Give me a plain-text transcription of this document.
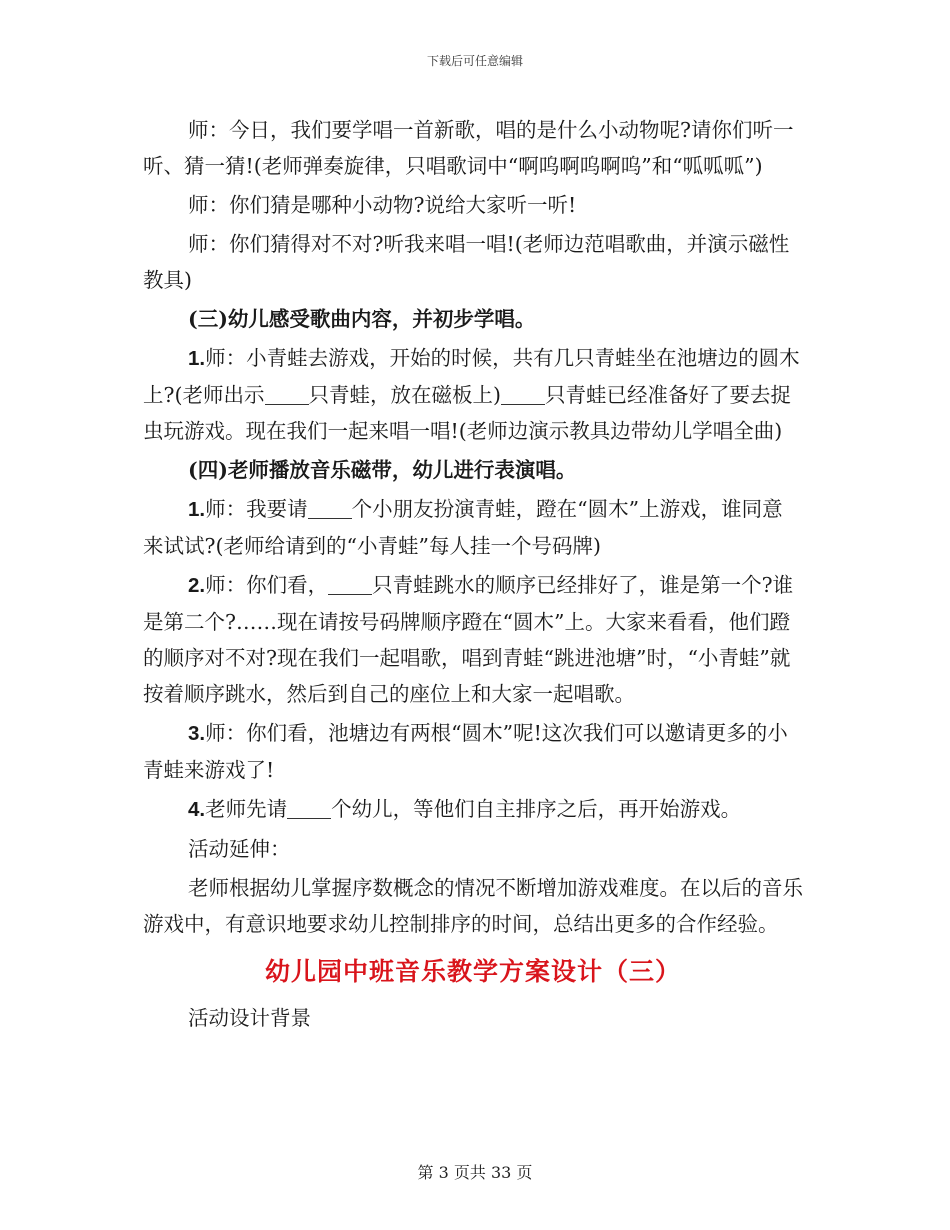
下载后可任意编辑

师：今日，我们要学唱一首新歌，唱的是什么小动物呢?请你们听一听、猜一猜!(老师弹奏旋律，只唱歌词中“啊呜啊呜啊呜”和“呱呱呱”)

师：你们猜是哪种小动物?说给大家听一听!

师：你们猜得对不对?听我来唱一唱!(老师边范唱歌曲，并演示磁性教具)

(三)幼儿感受歌曲内容，并初步学唱。

1.师：小青蛙去游戏，开始的时候，共有几只青蛙坐在池塘边的圆木上?(老师出示 只青蛙，放在磁板上) 只青蛙已经准备好了要去捉虫玩游戏。现在我们一起来唱一唱!(老师边演示教具边带幼儿学唱全曲)

(四)老师播放音乐磁带，幼儿进行表演唱。

1.师：我要请 个小朋友扮演青蛙，蹬在“圆木”上游戏，谁同意来试试?(老师给请到的“小青蛙”每人挂一个号码牌)

2.师：你们看， 只青蛙跳水的顺序已经排好了，谁是第一个?谁是第二个?……现在请按号码牌顺序蹬在“圆木”上。大家来看看，他们蹬的顺序对不对?现在我们一起唱歌，唱到青蛙“跳进池塘”时，“小青蛙”就按着顺序跳水，然后到自己的座位上和大家一起唱歌。

3.师：你们看，池塘边有两根“圆木”呢!这次我们可以邀请更多的小青蛙来游戏了!

4.老师先请 个幼儿，等他们自主排序之后，再开始游戏。

活动延伸：

老师根据幼儿掌握序数概念的情况不断增加游戏难度。在以后的音乐游戏中，有意识地要求幼儿控制排序的时间，总结出更多的合作经验。

幼儿园中班音乐教学方案设计（三）

活动设计背景

第 3 页共 33 页
